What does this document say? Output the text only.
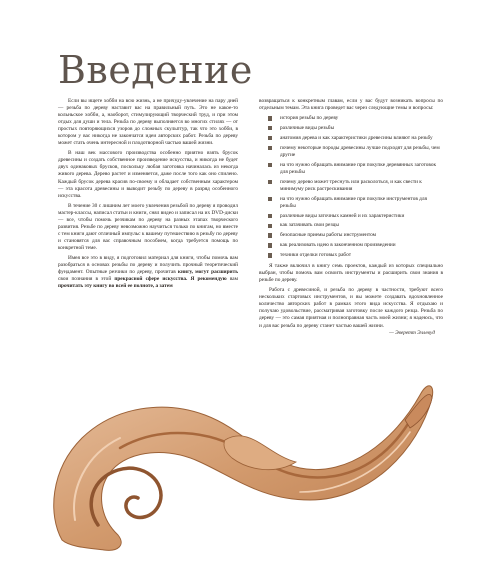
Введение

Если вы ищете хобби на всю жизнь, а не причуду-увлечение на пару дней — резьба по дереву наставит вас на правильный путь. Это не какое-то кольньское хобби, а, наоборот, стимулирующий творческий труд, и при этом отдых для души и тела. Резьба по дереву выполняется во многих стилях — от простых повторяющихся узоров до сложных скульптур, так что это хобби, в котором у вас никогда не закончатся идеи авторских работ. Резьба по дереву может стать очень интересной и плодотворной частью вашей жизни.

В наш век массового производства особенно приятно взять брусок древесины и создать собственное произведение искусства, и никогда не будет двух одинаковых брусков, поскольку любая заготовка начиналась из некогда живого дерева. Дерево растет и изменяется, даже после того как оно спилено. Каждый брусок дерева красив по-своему и обладает собственным характером — эта красота древесины и выводит резьбу по дереву в разряд особенного искусства.

В течение 30 с лишним лет моего увлечения резьбой по дереву я проводил мастер-классы, написал статьи и книги, снял видео и записал на их DVD-диски — все, чтобы помочь резчикам по дереву на разных этапах творческого развития. Резьбе по дереву невозможно научиться только по книгам, но вместе с тем книги дают отличный импульс к вашему путешествию в резьбу по дереву и становятся для вас справочным пособием, когда требуется помощь по конкретной теме.

Имея все это в виду, я подготовил материал для книги, чтобы помочь вам разобраться в основах резьбы по дереву и получить прочный теоретический фундамент. Опытные резчики по дереву, прочитав книгу, могут расширить свои познания в этой прекрасной сфере искусства. Я рекомендую вам прочитать эту книгу во всей ее полноте, а затем

возвращаться к конкретным главам, если у вас будут возникать вопросы по отдельным темам. Эта книга проведет вас через следующие темы и вопросы:

история резьбы по дереву
различные виды резьбы
анатомия дерева и как характеристики древесины влияют на резьбу
почему некоторые породы древесины лучше подходят для резьбы, чем другие
на что нужно обращать внимание при покупке деревянных заготовок для резьбы
почему дерево может треснуть или расколоться, и как свести к минимуму риск растрескивания
на что нужно обращать внимание при покупке инструментов для резьбы
различные виды заточных камней и их характеристики
как затачивать свои резцы
безопасные приемы работы инструментом
как реализовать идею в законченном произведении
техники отделки готовых работ

Я также включил в книгу семь проектов, каждый из которых специально выбран, чтобы помочь вам освоить инструменты и расширить свои знания в резьбе по дереву.

Работа с древесиной, и резьба по дереву в частности, требуют всего нескольких стартовых инструментов, и вы можете создавать вдохновленное количество авторских работ в рамках этого вида искусства. Я отдыхаю и получаю удовольствие, рассматривая заготовку после каждого резца. Резьба по дереву — это самая приятная и полноправная часть моей жизни; я надеюсь, что и для вас резьба по дереву станет частью вашей жизни.

— Эверетт Эллевуд
